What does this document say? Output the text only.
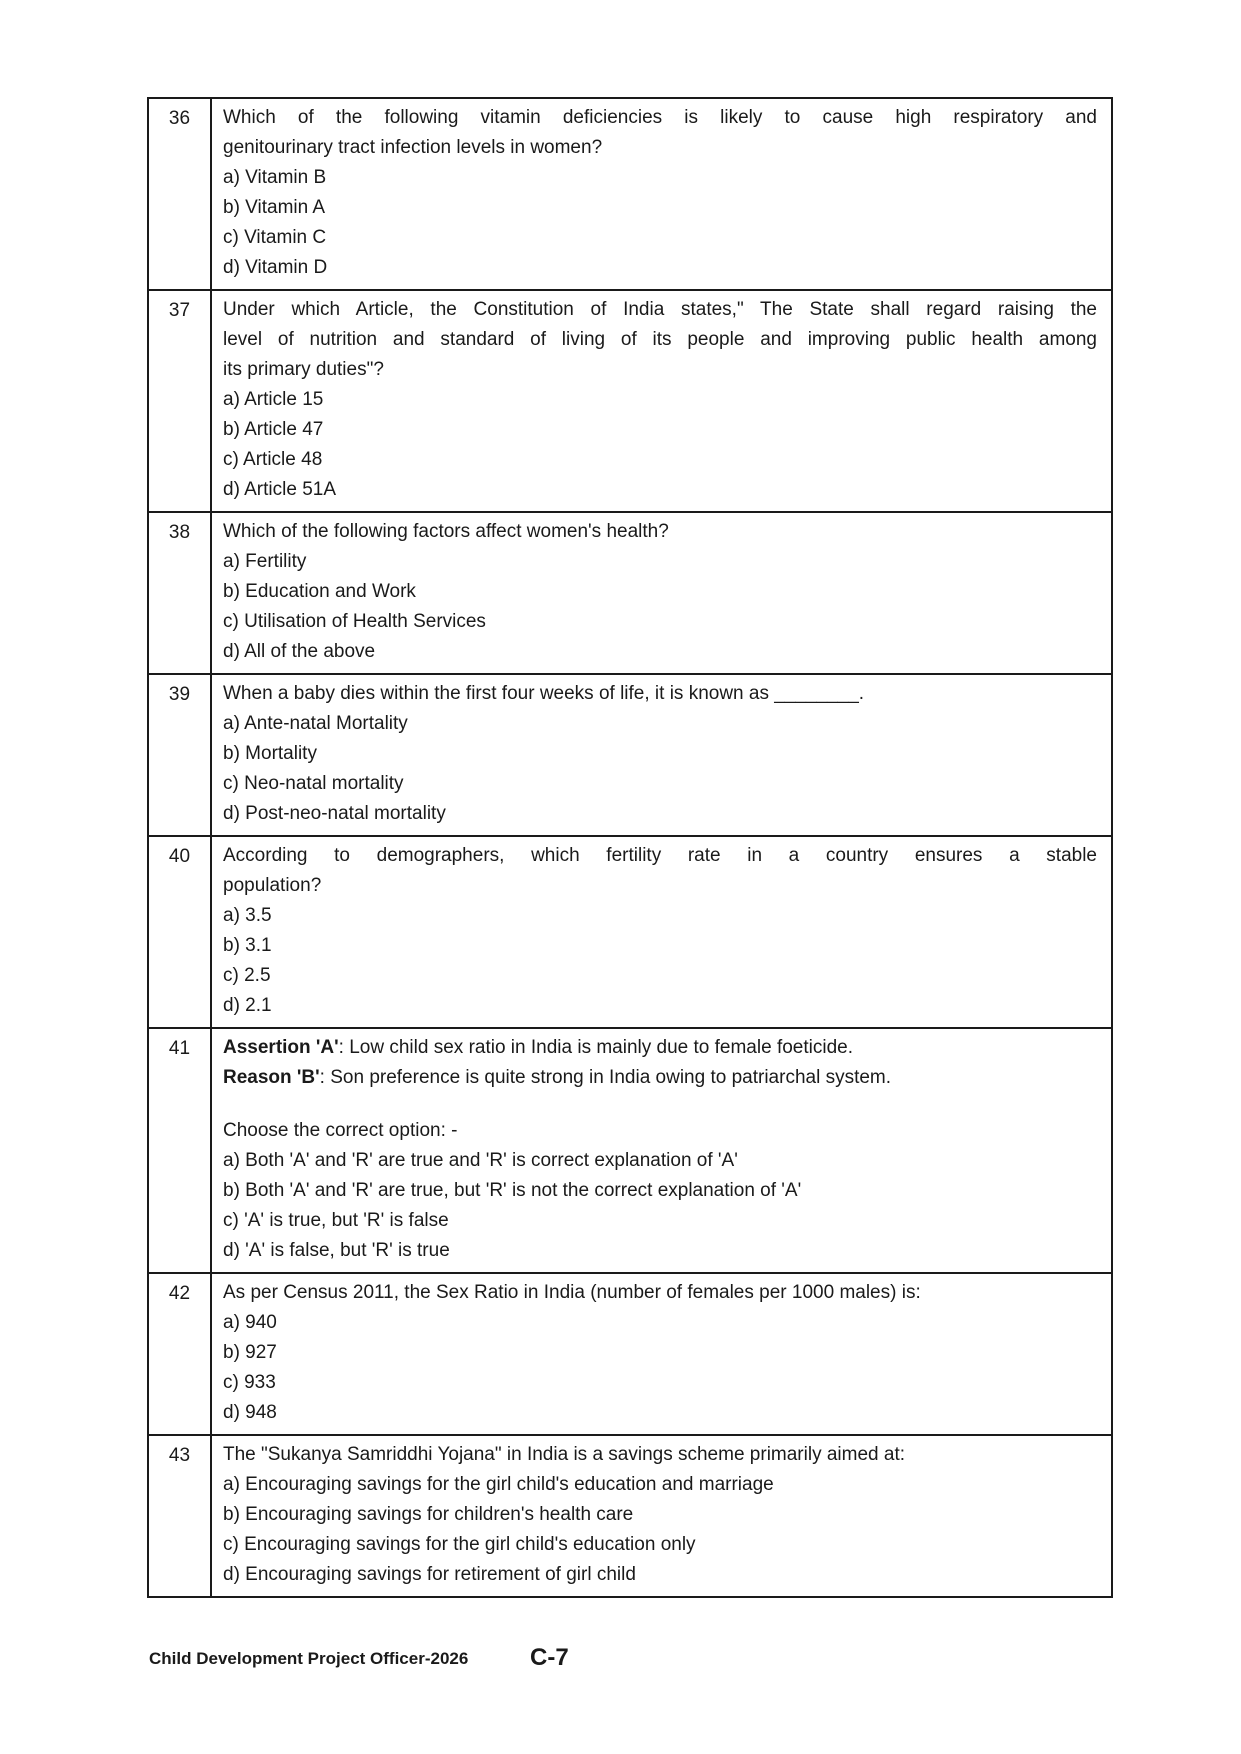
36	Which of the following vitamin deficiencies is likely to cause high respiratory and
genitourinary tract infection levels in women?
a) Vitamin B
b) Vitamin A
c) Vitamin C
d) Vitamin D
37	Under which Article, the Constitution of India states," The State shall regard raising the
level of nutrition and standard of living of its people and improving public health among
its primary duties"?
a) Article 15
b) Article 47
c) Article 48
d) Article 51A
38	Which of the following factors affect women's health?
a) Fertility
b) Education and Work
c) Utilisation of Health Services
d) All of the above
39	When a baby dies within the first four weeks of life, it is known as ________.
a) Ante-natal Mortality
b) Mortality
c) Neo-natal mortality
d) Post-neo-natal mortality
40	According to demographers, which fertility rate in a country ensures a stable
population?
a) 3.5
b) 3.1
c) 2.5
d) 2.1
41	Assertion 'A': Low child sex ratio in India is mainly due to female foeticide.
Reason 'B': Son preference is quite strong in India owing to patriarchal system.
Choose the correct option: -
a) Both 'A' and 'R' are true and 'R' is correct explanation of 'A'
b) Both 'A' and 'R' are true, but 'R' is not the correct explanation of 'A'
c) 'A' is true, but 'R' is false
d) 'A' is false, but 'R' is true
42	As per Census 2011, the Sex Ratio in India (number of females per 1000 males) is:
a) 940
b) 927
c) 933
d) 948
43	The "Sukanya Samriddhi Yojana" in India is a savings scheme primarily aimed at:
a) Encouraging savings for the girl child's education and marriage
b) Encouraging savings for children's health care
c) Encouraging savings for the girl child's education only
d) Encouraging savings for retirement of girl child
Child Development Project Officer-2026	C-7
